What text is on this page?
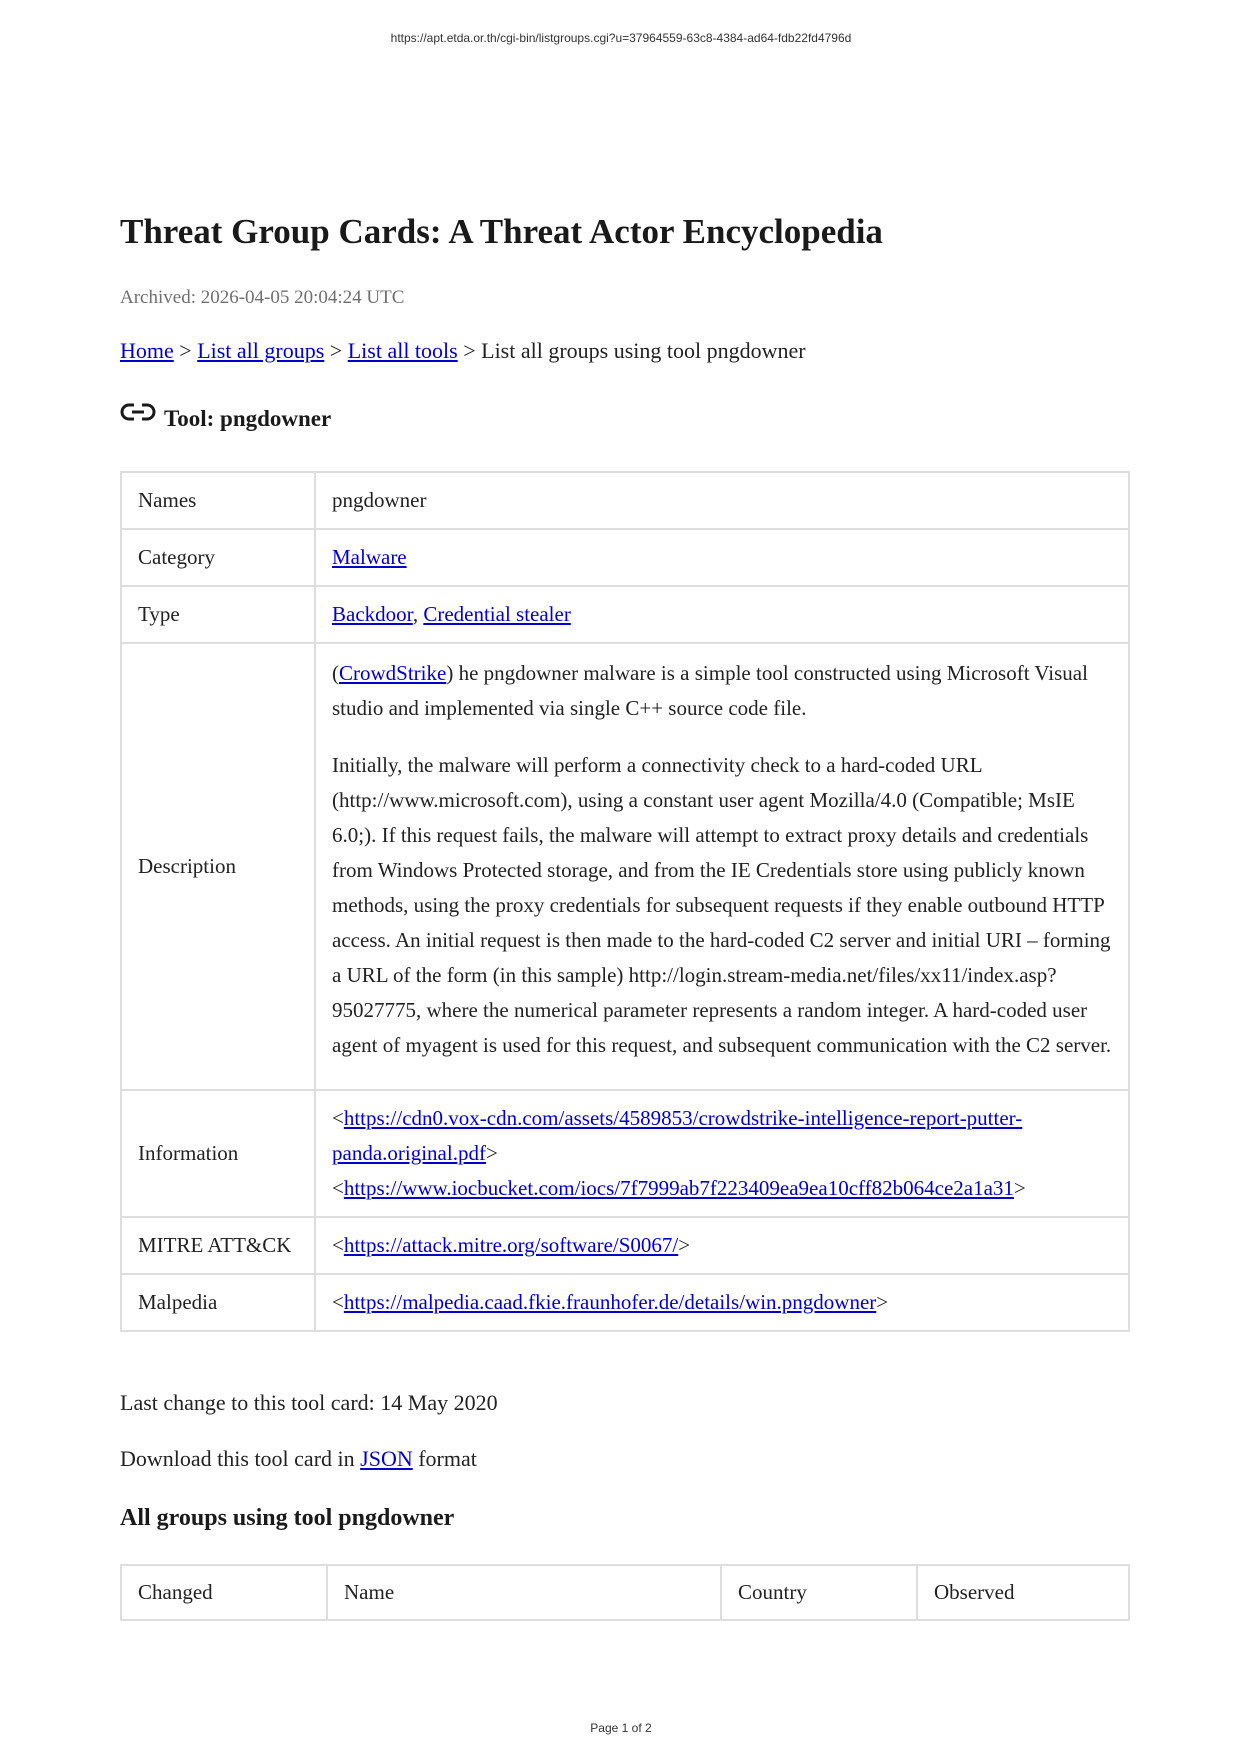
https://apt.etda.or.th/cgi-bin/listgroups.cgi?u=37964559-63c8-4384-ad64-fdb22fd4796d

Threat Group Cards: A Threat Actor Encyclopedia

Archived: 2026-04-05 20:04:24 UTC

Home > List all groups > List all tools > List all groups using tool pngdowner

Tool: pngdowner
Names	pngdowner
Category	Malware
Type	Backdoor, Credential stealer
Description	(CrowdStrike) he pngdowner malware is a simple tool constructed using Microsoft Visual studio and implemented via single C++ source code file.

Initially, the malware will perform a connectivity check to a hard-coded URL (http://www.microsoft.com), using a constant user agent Mozilla/4.0 (Compatible; MsIE 6.0;). If this request fails, the malware will attempt to extract proxy details and credentials from Windows Protected storage, and from the IE Credentials store using publicly known methods, using the proxy credentials for subsequent requests if they enable outbound HTTP access. An initial request is then made to the hard-coded C2 server and initial URI – forming a URL of the form (in this sample) http://login.stream-media.net/files/xx11/index.asp?95027775, where the numerical parameter represents a random integer. A hard-coded user agent of myagent is used for this request, and subsequent communication with the C2 server.

Information	<https://cdn0.vox-cdn.com/assets/4589853/crowdstrike-intelligence-report-putter-panda.original.pdf>
<https://www.iocbucket.com/iocs/7f7999ab7f223409ea9ea10cff82b064ce2a1a31>

MITRE ATT&CK	<https://attack.mitre.org/software/S0067/>
Malpedia	<https://malpedia.caad.fkie.fraunhofer.de/details/win.pngdowner>

Last change to this tool card: 14 May 2020

Download this tool card in JSON format

All groups using tool pngdowner
Changed	Name	Country	Observed

Page 1 of 2
